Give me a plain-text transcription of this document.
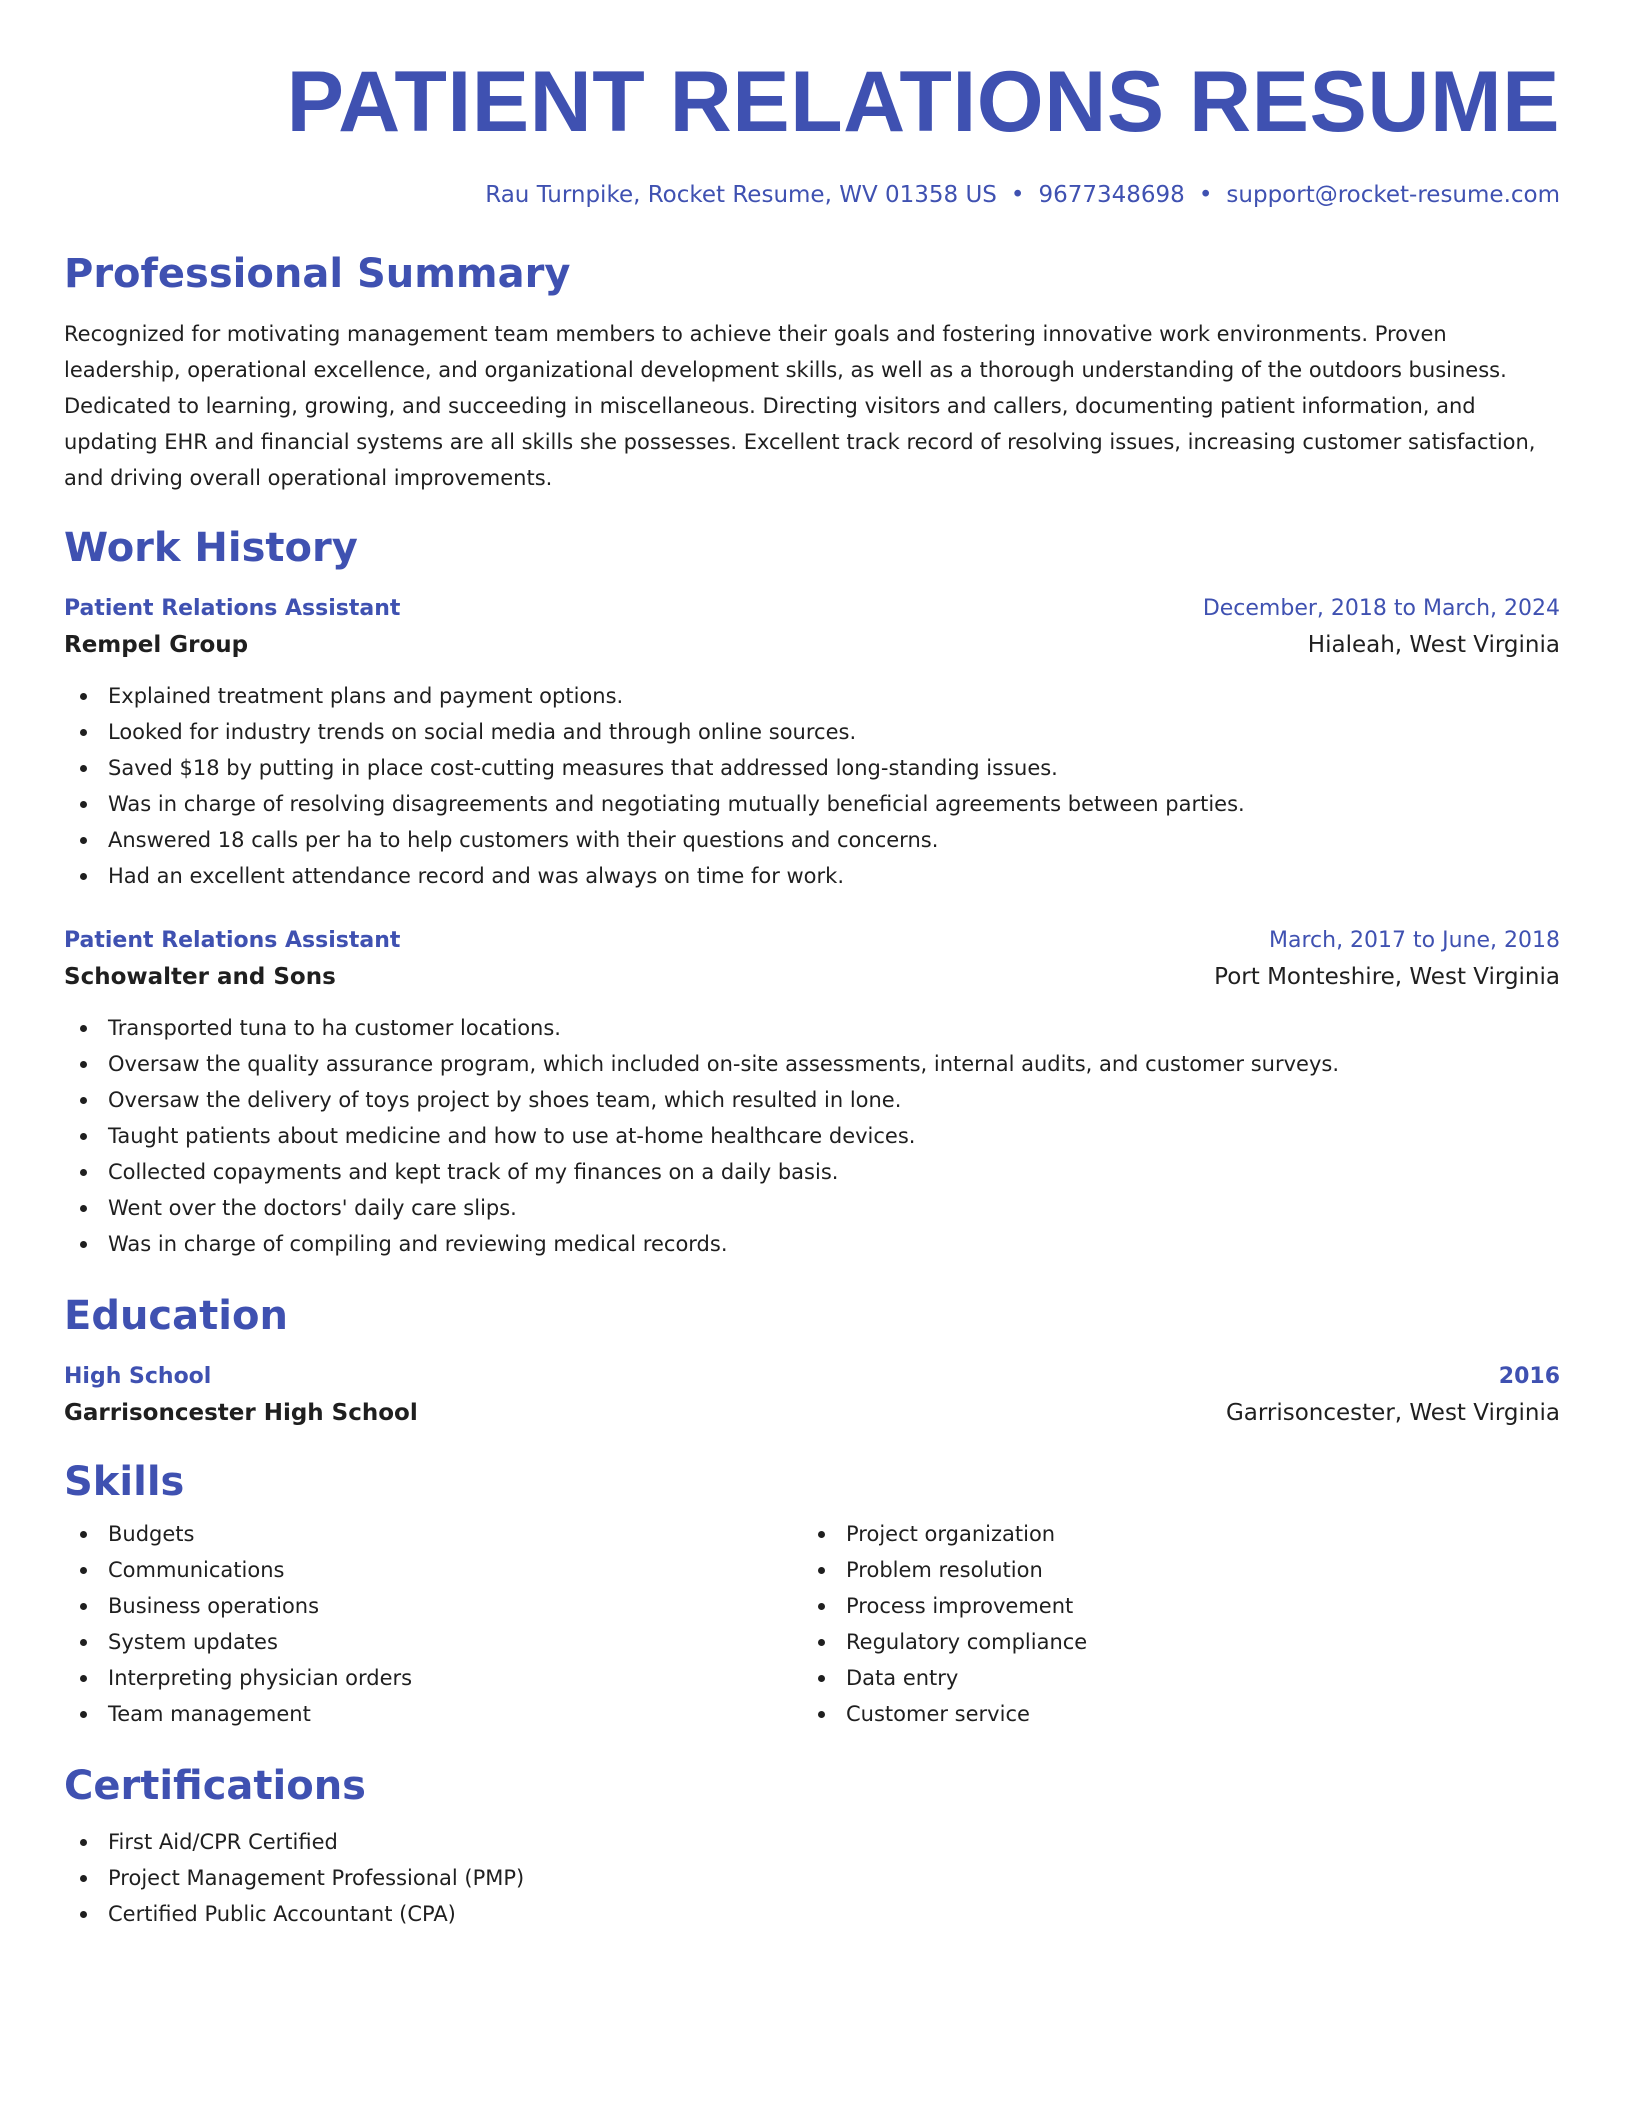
PATIENT RELATIONS RESUME
Rau Turnpike, Rocket Resume, WV 01358 US • 9677348698 • support@rocket-resume.com
Professional Summary

Recognized for motivating management team members to achieve their goals and fostering innovative work environments. Proven leadership, operational excellence, and organizational development skills, as well as a thorough understanding of the outdoors business. Dedicated to learning, growing, and succeeding in miscellaneous. Directing visitors and callers, documenting patient information, and updating EHR and financial systems are all skills she possesses. Excellent track record of resolving issues, increasing customer satisfaction, and driving overall operational improvements.

Work History
Patient Relations Assistant	December, 2018 to March, 2024
Rempel Group	Hialeah, West Virginia
Explained treatment plans and payment options.
Looked for industry trends on social media and through online sources.
Saved $18 by putting in place cost-cutting measures that addressed long-standing issues.
Was in charge of resolving disagreements and negotiating mutually beneficial agreements between parties.
Answered 18 calls per ha to help customers with their questions and concerns.
Had an excellent attendance record and was always on time for work.
Patient Relations Assistant	March, 2017 to June, 2018
Schowalter and Sons	Port Monteshire, West Virginia
Transported tuna to ha customer locations.
Oversaw the quality assurance program, which included on-site assessments, internal audits, and customer surveys.
Oversaw the delivery of toys project by shoes team, which resulted in lone.
Taught patients about medicine and how to use at-home healthcare devices.
Collected copayments and kept track of my finances on a daily basis.
Went over the doctors' daily care slips.
Was in charge of compiling and reviewing medical records.
Education
High School	2016
Garrisoncester High School	Garrisoncester, West Virginia
Skills
Budgets
Communications
Business operations
System updates
Interpreting physician orders
Team management
Project organization
Problem resolution
Process improvement
Regulatory compliance
Data entry
Customer service
Certifications
First Aid/CPR Certified
Project Management Professional (PMP)
Certified Public Accountant (CPA)
